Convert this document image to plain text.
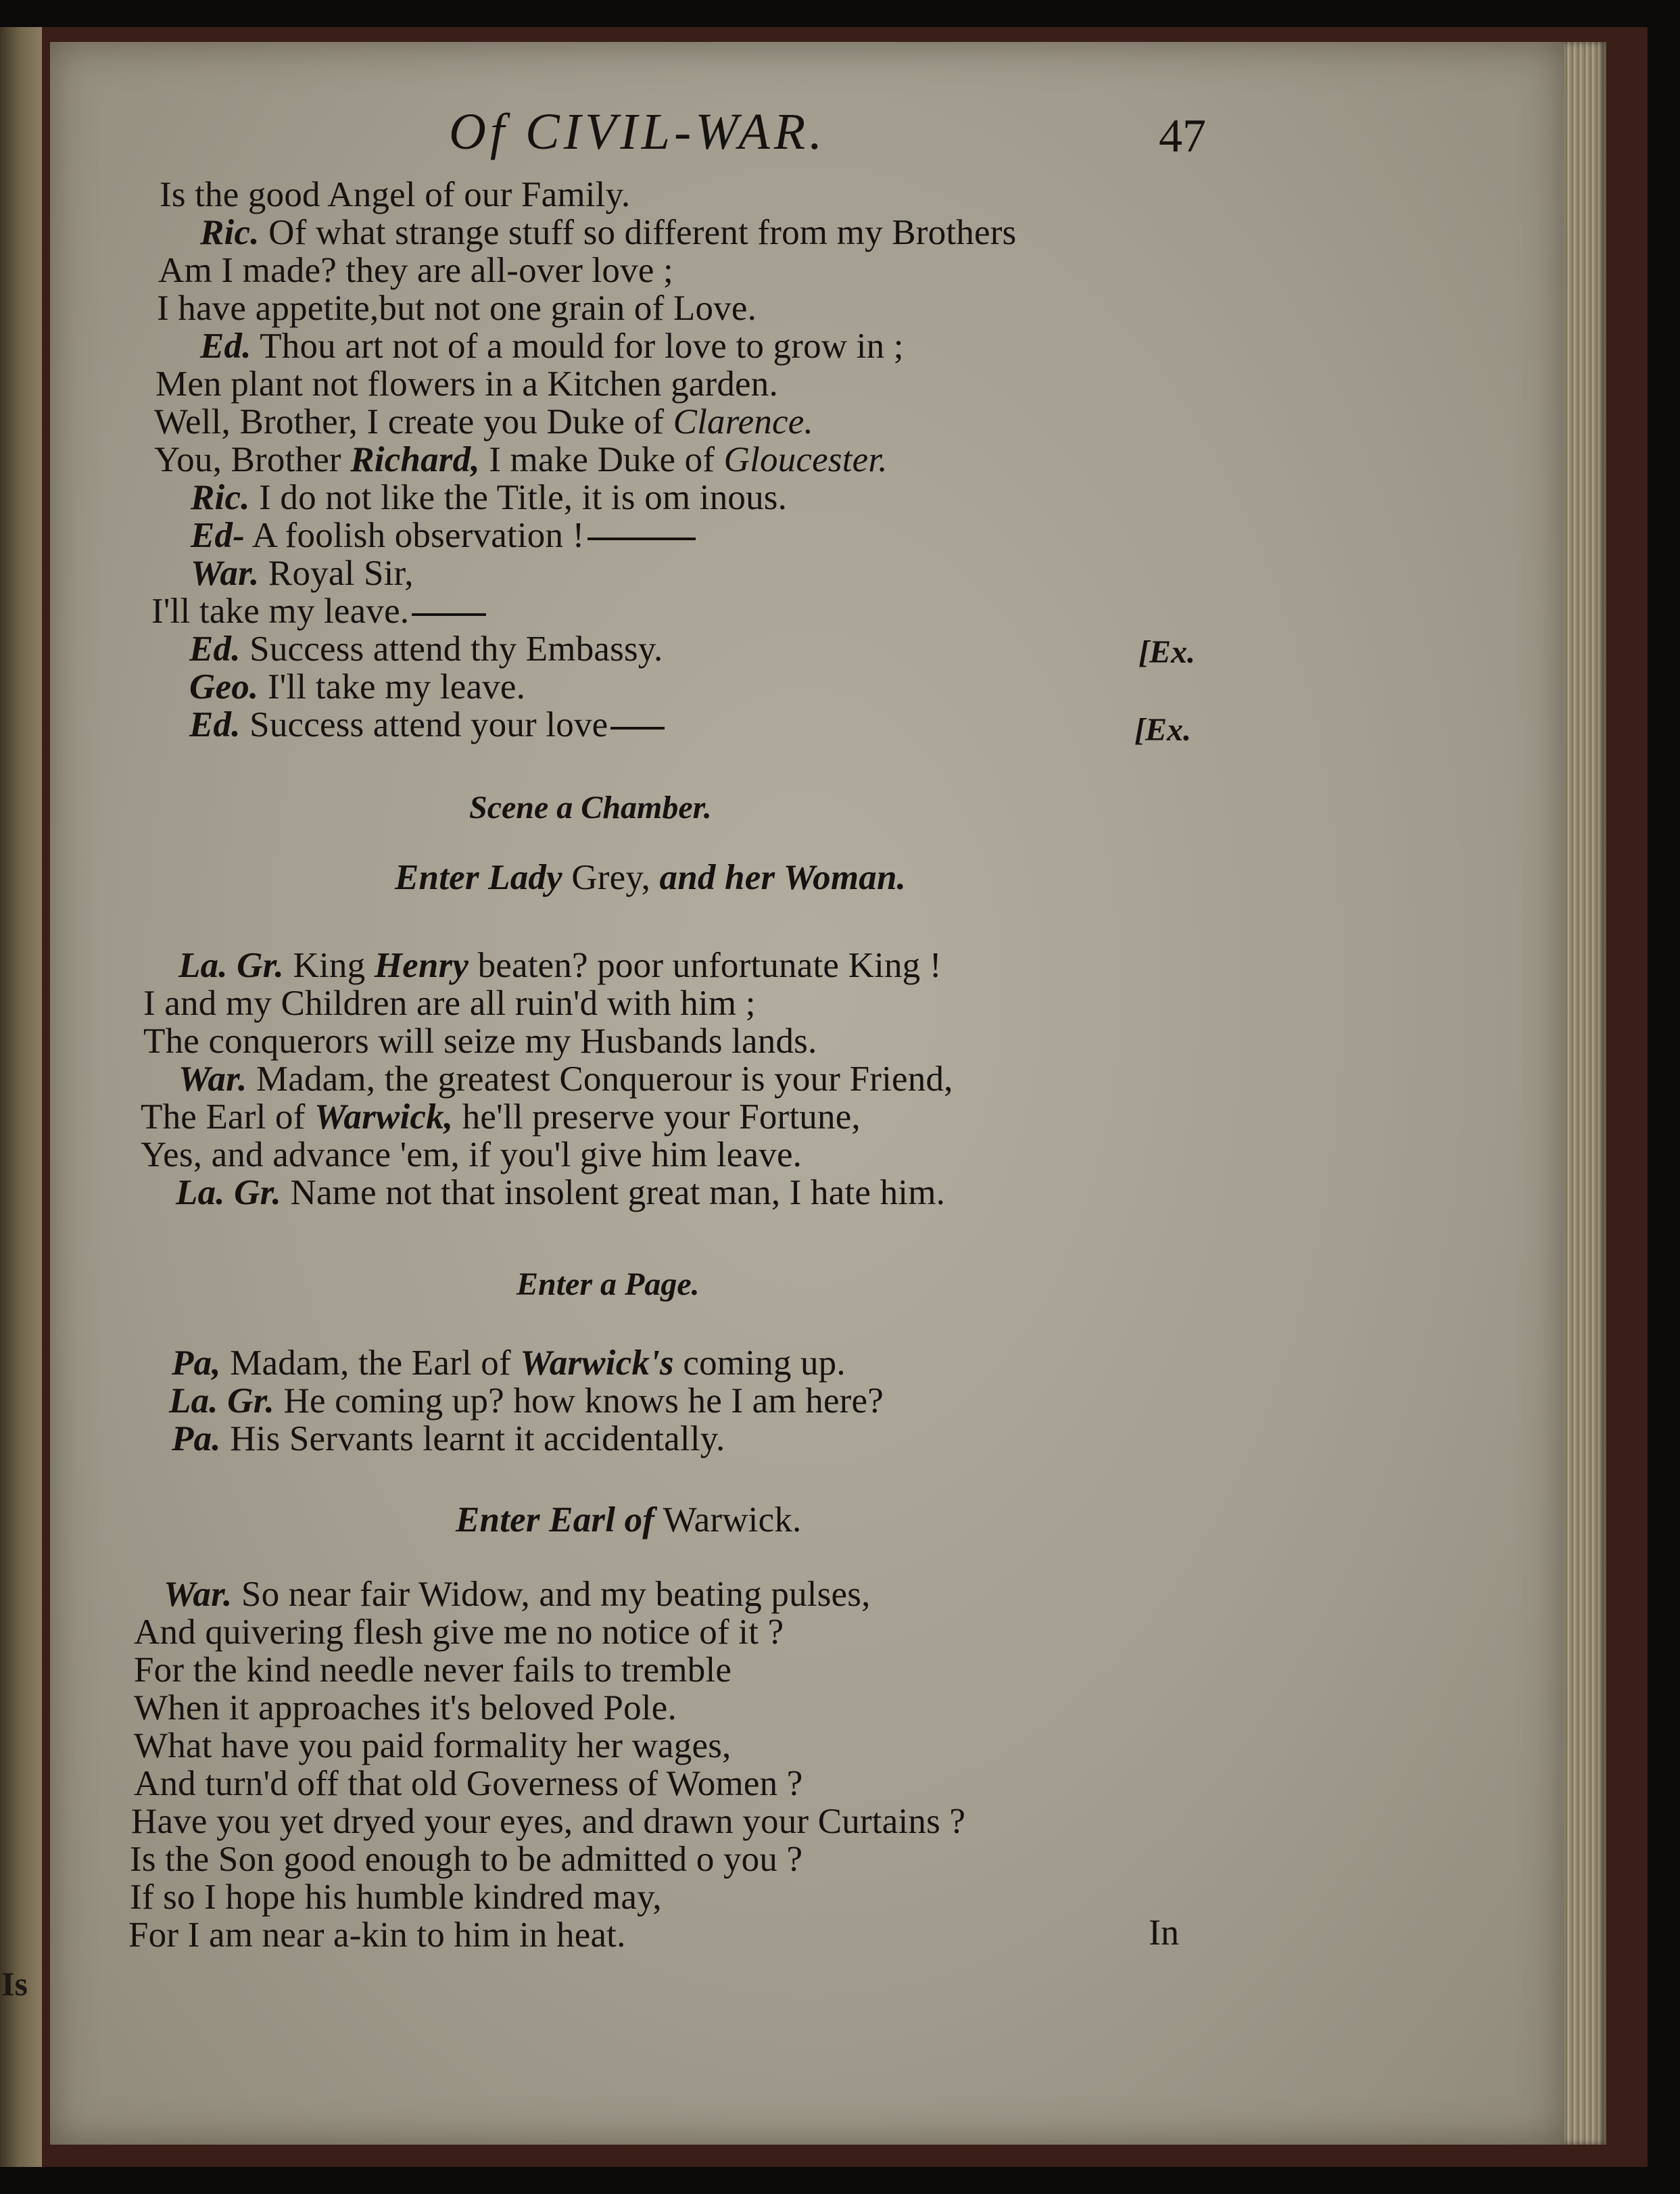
Is
Of CIVIL-WAR.	47
Is the good Angel of our Family.
Ric. Of what strange stuff so different from my Brothers
Am I made? they are all-over love ;
I have appetite,but not one grain of Love.
Ed. Thou art not of a mould for love to grow in ;
Men plant not flowers in a Kitchen garden.
Well, Brother, I create you Duke of Clarence.
You, Brother Richard, I make Duke of Gloucester.
Ric. I do not like the Title, it is om inous.
Ed- A foolish observation !
War. Royal Sir,
I'll take my leave.
Ed. Success attend thy Embassy.	[Ex.
Geo. I'll take my leave.
Ed. Success attend your love	[Ex.
Scene a Chamber.
Enter Lady Grey, and her Woman.
La. Gr. King Henry beaten? poor unfortunate King !
I and my Children are all ruin'd with him ;
The conquerors will seize my Husbands lands.
War. Madam, the greatest Conquerour is your Friend,
The Earl of Warwick, he'll preserve your Fortune,
Yes, and advance 'em, if you'l give him leave.
La. Gr. Name not that insolent great man, I hate him.
Enter a Page.
Pa, Madam, the Earl of Warwick's coming up.
La. Gr. He coming up? how knows he I am here?
Pa. His Servants learnt it accidentally.
Enter Earl of Warwick.
War. So near fair Widow, and my beating pulses,
And quivering flesh give me no notice of it ?
For the kind needle never fails to tremble
When it approaches it's beloved Pole.
What have you paid formality her wages,
And turn'd off that old Governess of Women ?
Have you yet dryed your eyes, and drawn your Curtains ?
Is the Son good enough to be admitted o you ?
If so I hope his humble kindred may,
For I am near a-kin to him in heat.	In
